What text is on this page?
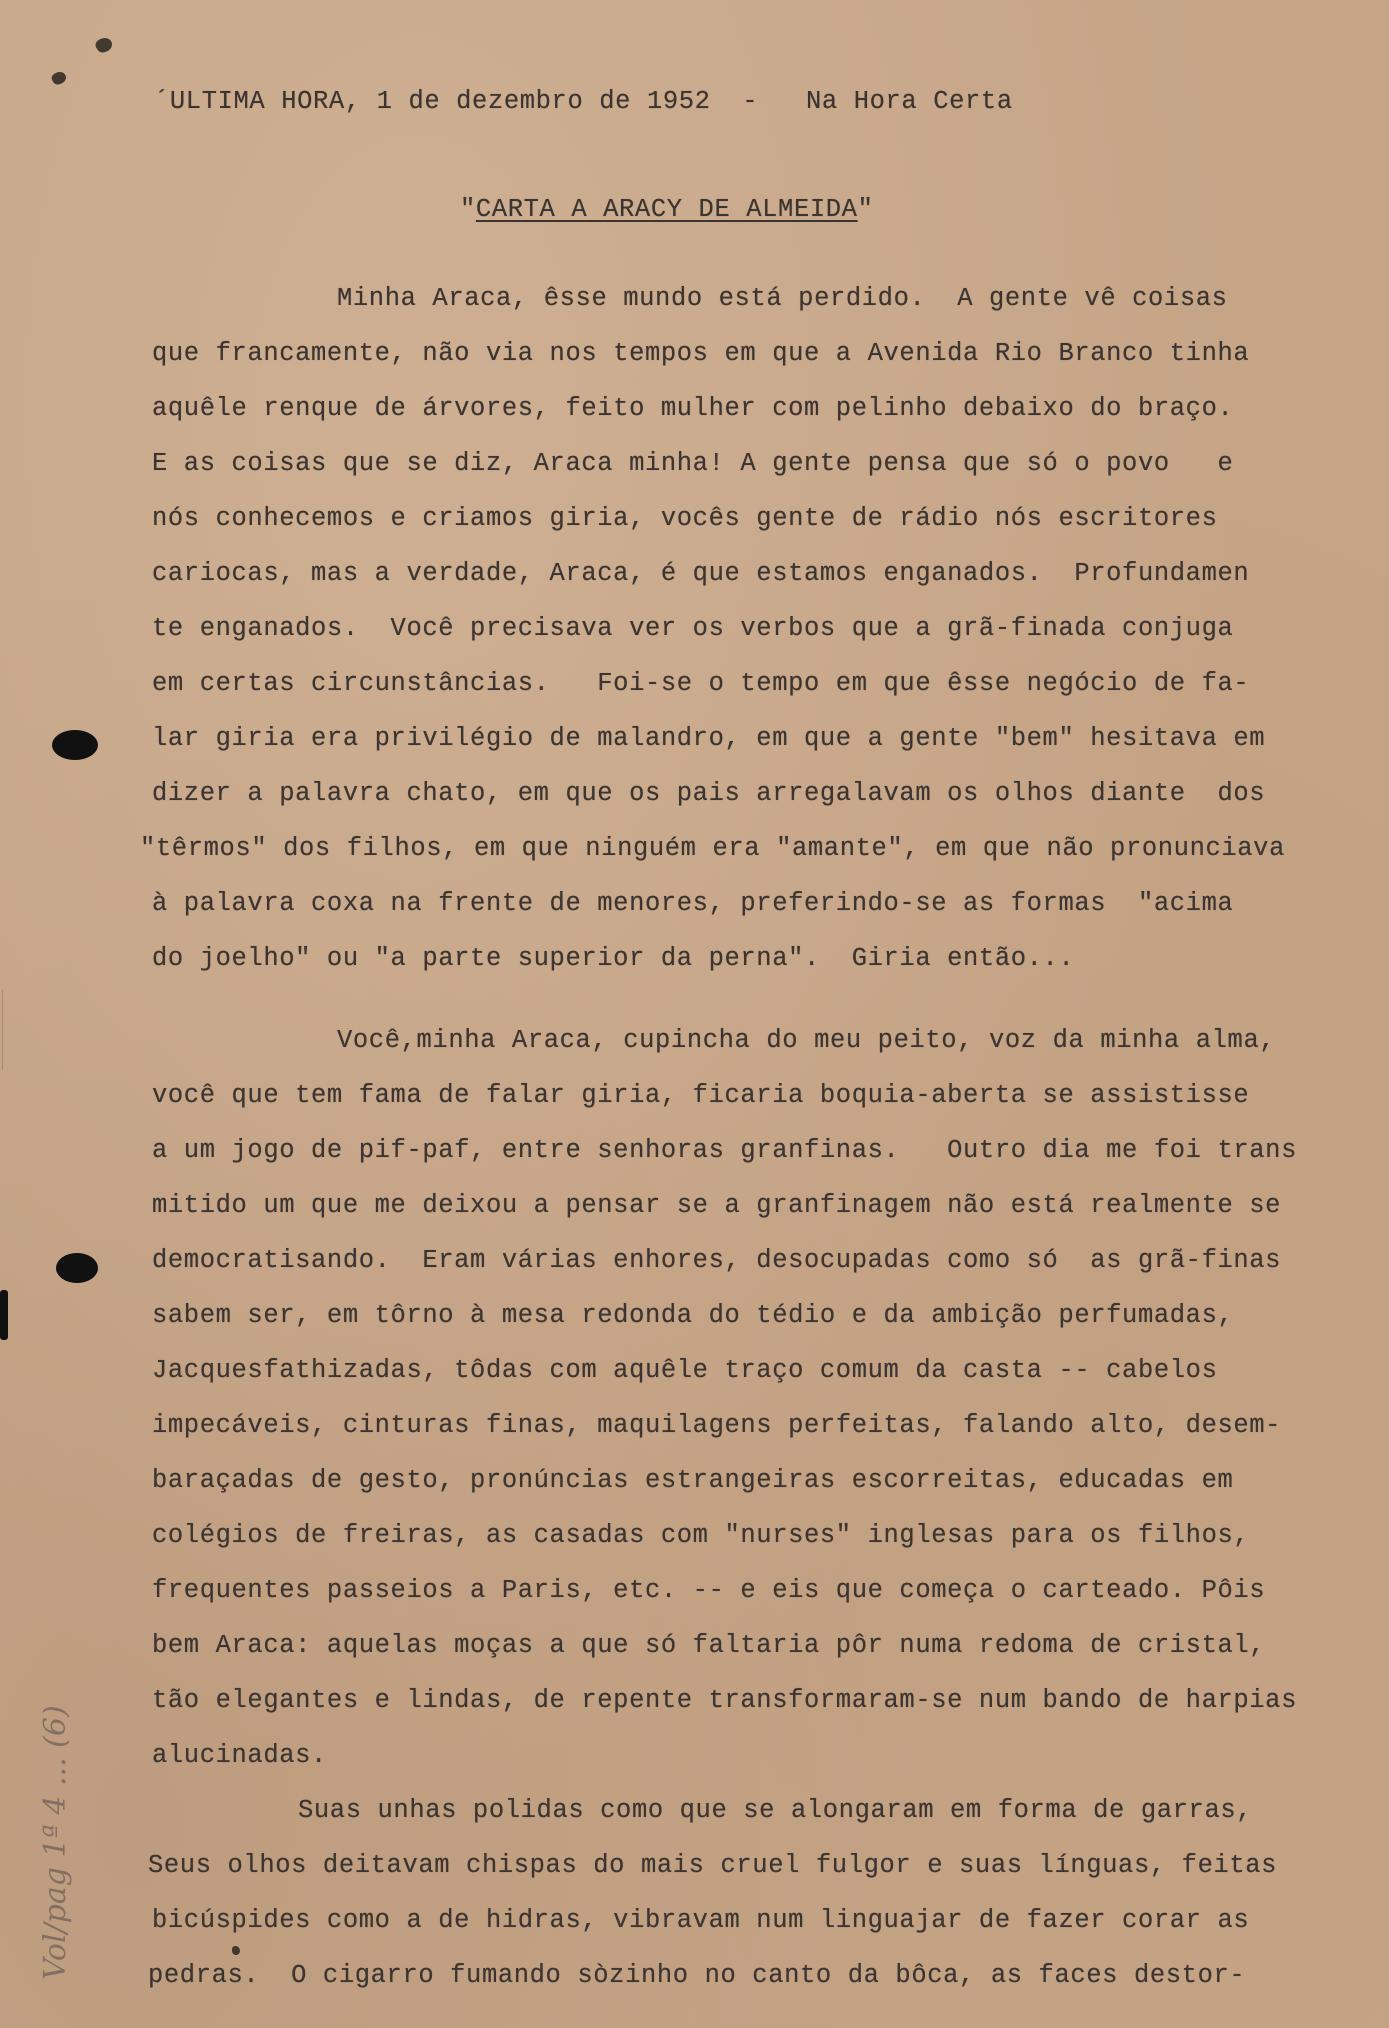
´ULTIMA HORA, 1 de dezembro de 1952  -   Na Hora Certa
"CARTA A ARACY DE ALMEIDA"
Minha Araca, êsse mundo está perdido.  A gente vê coisas
que francamente, não via nos tempos em que a Avenida Rio Branco tinha
aquêle renque de árvores, feito mulher com pelinho debaixo do braço.
E as coisas que se diz, Araca minha! A gente pensa que só o povo   e
nós conhecemos e criamos giria, vocês gente de rádio nós escritores
cariocas, mas a verdade, Araca, é que estamos enganados.  Profundamen
te enganados.  Você precisava ver os verbos que a grã-finada conjuga
em certas circunstâncias.   Foi-se o tempo em que êsse negócio de fa-
lar giria era privilégio de malandro, em que a gente "bem" hesitava em
dizer a palavra chato, em que os pais arregalavam os olhos diante  dos
"têrmos" dos filhos, em que ninguém era "amante", em que não pronunciava
à palavra coxa na frente de menores, preferindo-se as formas  "acima
do joelho" ou "a parte superior da perna".  Giria então...
Você,minha Araca, cupincha do meu peito, voz da minha alma,
você que tem fama de falar giria, ficaria boquia-aberta se assistisse
a um jogo de pif-paf, entre senhoras granfinas.   Outro dia me foi trans
mitido um que me deixou a pensar se a granfinagem não está realmente se
democratisando.  Eram várias enhores, desocupadas como só  as grã-finas
sabem ser, em tôrno à mesa redonda do tédio e da ambição perfumadas,
Jacquesfathizadas, tôdas com aquêle traço comum da casta -- cabelos
impecáveis, cinturas finas, maquilagens perfeitas, falando alto, desem-
baraçadas de gesto, pronúncias estrangeiras escorreitas, educadas em
colégios de freiras, as casadas com "nurses" inglesas para os filhos,
frequentes passeios a Paris, etc. -- e eis que começa o carteado. Pôis
bem Araca: aquelas moças a que só faltaria pôr numa redoma de cristal,
tão elegantes e lindas, de repente transformaram-se num bando de harpias
alucinadas.
Suas unhas polidas como que se alongaram em forma de garras,
Seus olhos deitavam chispas do mais cruel fulgor e suas línguas, feitas
bicúspides como a de hidras, vibravam num linguajar de fazer corar as
pedras.  O cigarro fumando sòzinho no canto da bôca, as faces destor-
Vol/pag 1ª 4 ... (6)
